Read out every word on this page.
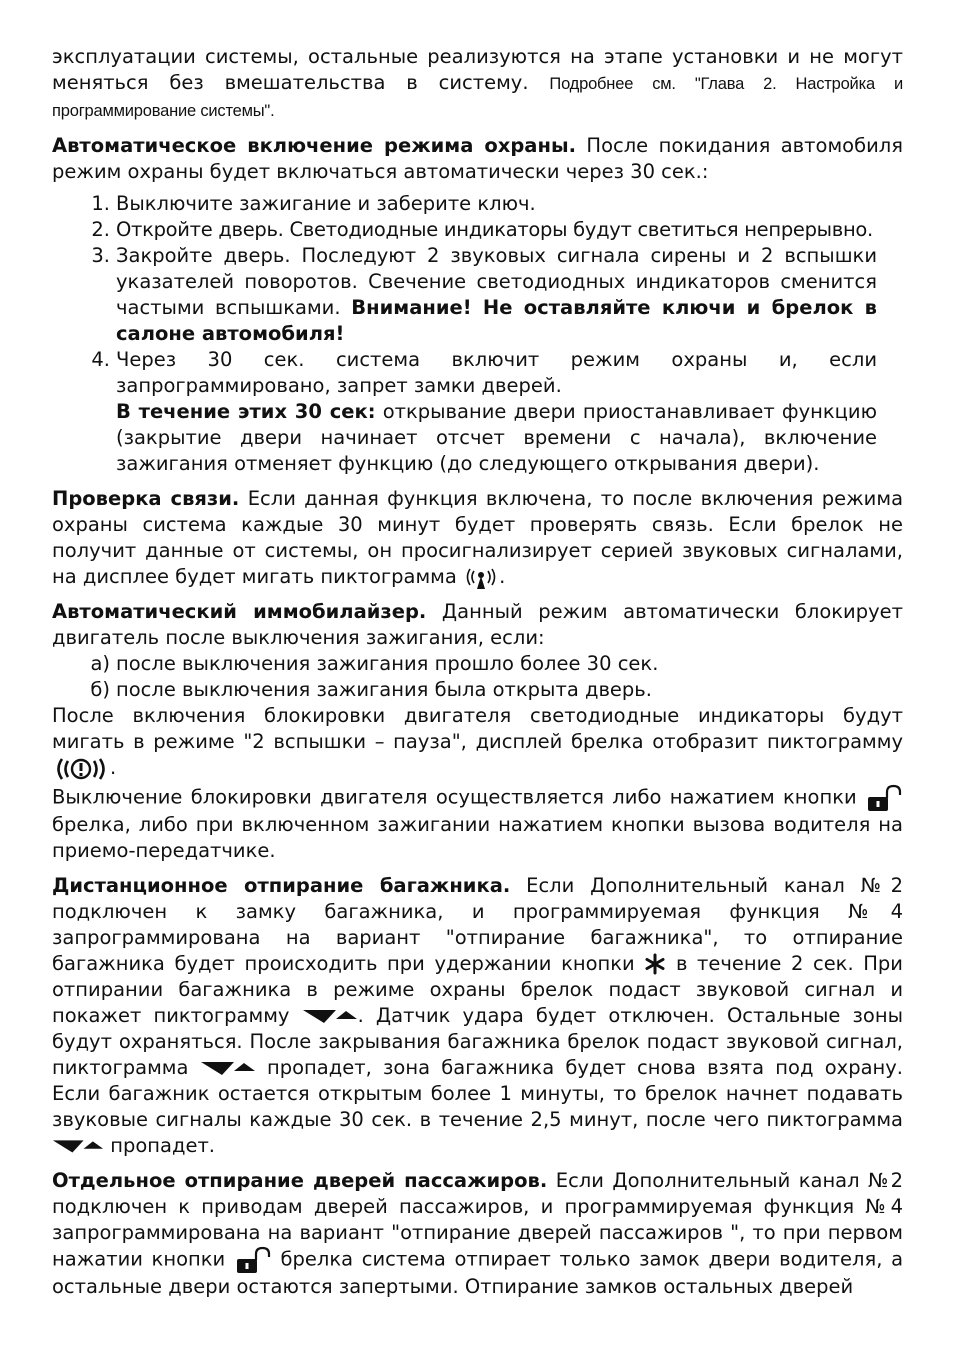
эксплуатации системы, остальные реализуются на этапе установки и не могут меняться без вмешательства в систему. Подробнее см. "Глава 2. Настройка и программирование системы".

Автоматическое включение режима охраны. После покидания автомобиля режим охраны будет включаться автоматически через 30 сек.:

1. Выключите зажигание и заберите ключ.
2. Откройте дверь. Светодиодные индикаторы будут светиться непрерывно.
3. Закройте дверь. Последуют 2 звуковых сигнала сирены и 2 вспышки указателей поворотов. Свечение светодиодных индикаторов сменится частыми вспышками. Внимание! Не оставляйте ключи и брелок в салоне автомобиля!
4. Через 30 сек. система включит режим охраны и, если запрограммировано, запрет замки дверей.
В течение этих 30 сек: открывание двери приостанавливает функцию (закрытие двери начинает отсчет времени с начала), включение зажигания отменяет функцию (до следующего открывания двери).

Проверка связи. Если данная функция включена, то после включения режима охраны система каждые 30 минут будет проверять связь. Если брелок не получит данные от системы, он просигнализирует серией звуковых сигналами, на дисплее будет мигать пиктограмма .

Автоматический иммобилайзер. Данный режим автоматически блокирует двигатель после выключения зажигания, если:

а) после выключения зажигания прошло более 30 сек.
б) после выключения зажигания была открыта дверь.

После включения блокировки двигателя светодиодные индикаторы будут мигать в режиме "2 вспышки – пауза", дисплей брелка отобразит пиктограмму
.

Выключение блокировки двигателя осуществляется либо нажатием кнопки
брелка, либо при включенном зажигании нажатием кнопки вызова водителя на приемо-передатчике.

Дистанционное отпирание багажника. Если Дополнительный канал №2 подключен к замку багажника, и программируемая функция №4 запрограммирована на вариант "отпирание багажника", то отпирание багажника будет происходить при удержании кнопки в течение 2 сек. При отпирании багажника в режиме охраны брелок подаст звуковой сигнал и покажет пиктограмму	. Датчик удара будет отключен. Остальные зоны будут охраняться. После закрывания багажника брелок подаст звуковой сигнал, пиктограмма	пропадет, зона багажника будет снова взята под охрану. Если багажник остается открытым более 1 минуты, то брелок начнет подавать звуковые сигналы каждые 30 сек. в течение 2,5 минут, после чего пиктограмма
пропадет.

Отдельное отпирание дверей пассажиров. Если Дополнительный канал №2 подключен к приводам дверей пассажиров, и программируемая функция №4 запрограммирована на вариант "отпирание дверей пассажиров ", то при первом нажатии кнопки	брелка система отпирает только замок двери водителя, а остальные двери остаются запертыми. Отпирание замков остальных дверей
